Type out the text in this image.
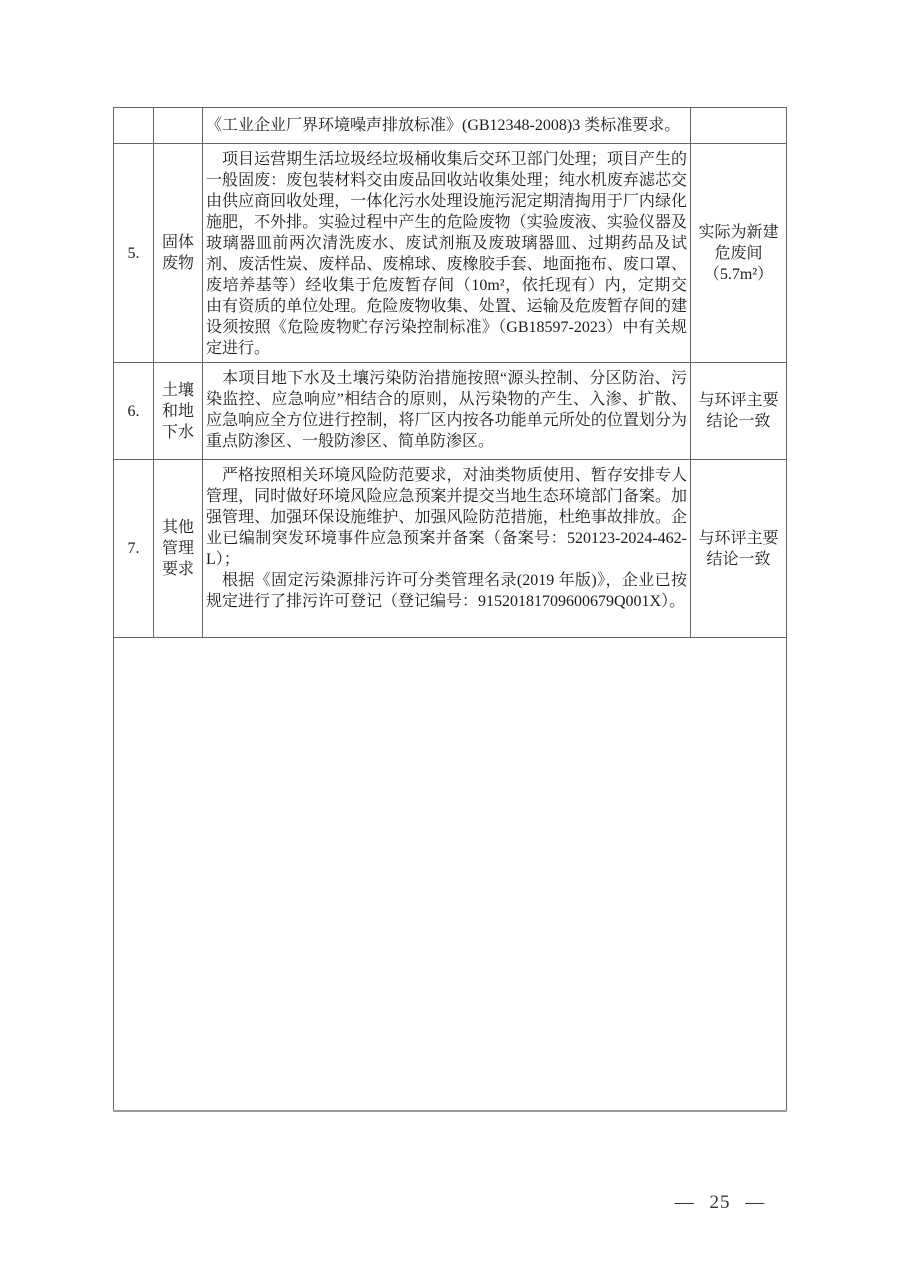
		《工业企业厂界环境噪声排放标准》(GB12348-2008)3 类标准要求。	

5.	固体废物	项目运营期生活垃圾经垃圾桶收集后交环卫部门处理；项目产生的一般固废：废包装材料交由废品回收站收集处理；纯水机废弃滤芯交由供应商回收处理，一体化污水处理设施污泥定期清掏用于厂内绿化施肥，不外排。实验过程中产生的危险废物（实验废液、实验仪器及玻璃器皿前两次清洗废水、废试剂瓶及废玻璃器皿、过期药品及试剂、废活性炭、废样品、废棉球、废橡胶手套、地面拖布、废口罩、废培养基等）经收集于危废暂存间（10m²，依托现有）内，定期交由有资质的单位处理。危险废物收集、处置、运输及危废暂存间的建设须按照《危险废物贮存污染控制标准》（GB18597-2023）中有关规定进行。	实际为新建危废间（5.7m²）
6.	土壤和地下水	本项目地下水及土壤污染防治措施按照“源头控制、分区防治、污染监控、应急响应”相结合的原则，从污染物的产生、入渗、扩散、应急响应全方位进行控制，将厂区内按各功能单元所处的位置划分为重点防渗区、一般防渗区、简单防渗区。	与环评主要结论一致
7.	其他管理要求	严格按照相关环境风险防范要求，对油类物质使用、暂存安排专人管理，同时做好环境风险应急预案并提交当地生态环境部门备案。加强管理、加强环保设施维护、加强风险防范措施，杜绝事故排放。企业已编制突发环境事件应急预案并备案（备案号：520123-2024-462-L）；

根据《固定污染源排污许可分类管理名录(2019 年版)》，企业已按规定进行了排污许可登记（登记编号：91520181709600679Q001X）。	与环评主要结论一致

— 25 —
